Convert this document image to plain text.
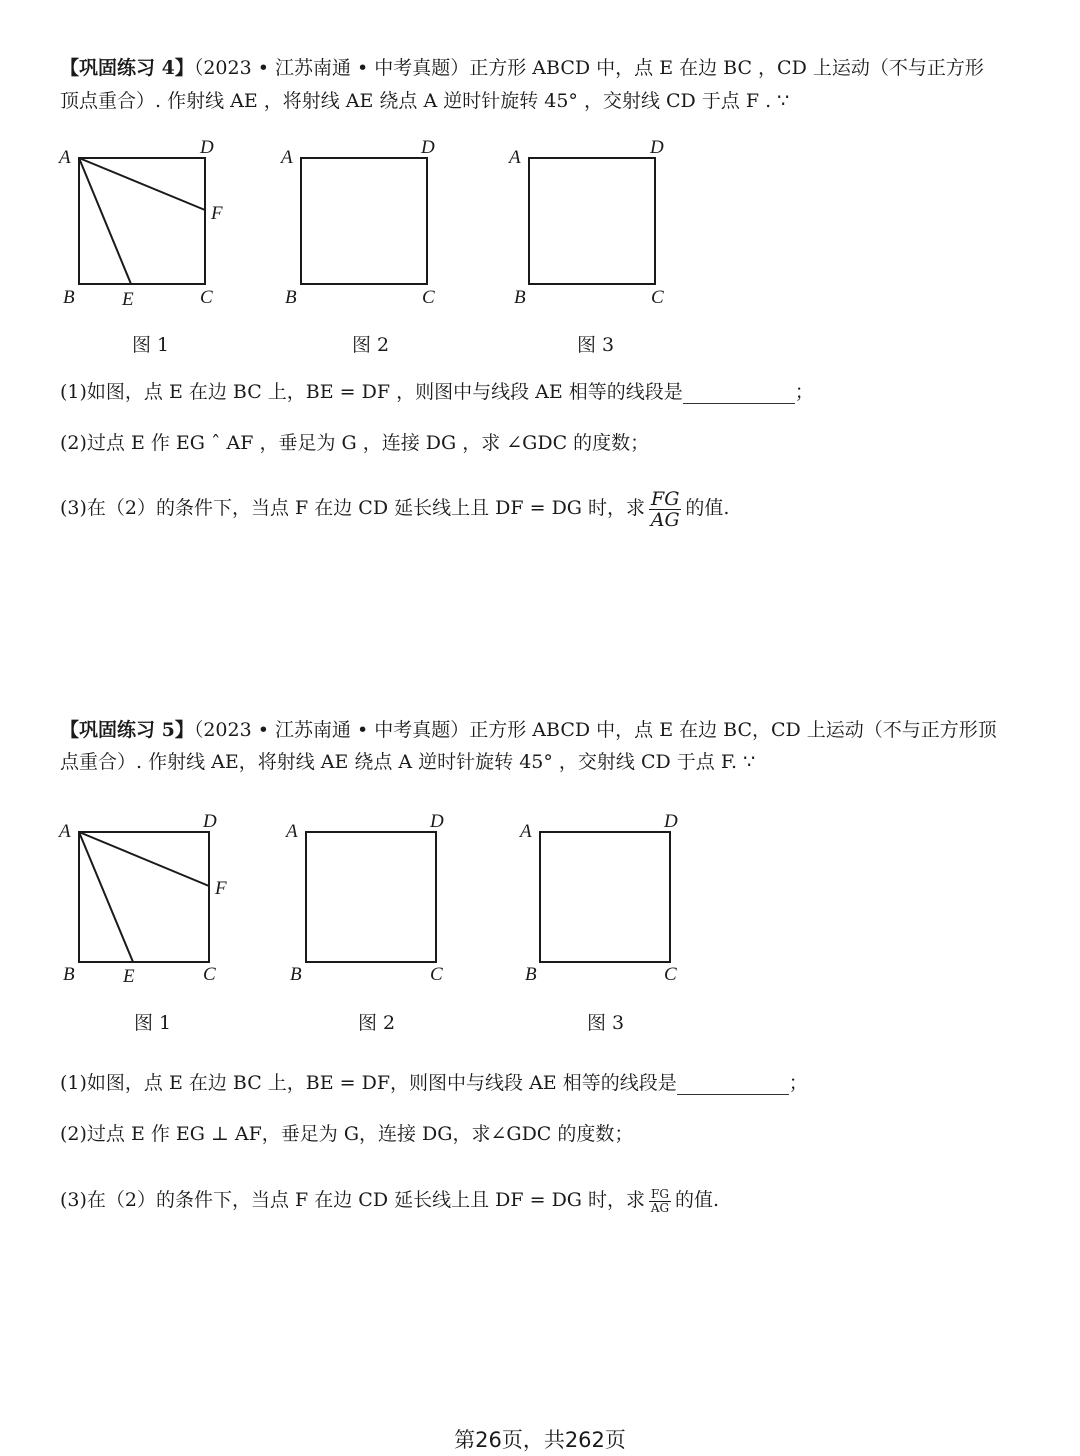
【巩固练习 4】（2023 • 江苏南通 • 中考真题）正方形 ABCD 中，点 E 在边 BC ，CD 上运动（不与正方形
顶点重合）. 作射线 AE ，将射线 AE 绕点 A 逆时针旋转 45° ，交射线 CD 于点 F . ∵
A	D
F
B E	C
A	D
B	C
A	D
B	C
图 1	图 2	图 3
(1)如图，点 E 在边 BC 上，BE = DF ，则图中与线段 AE 相等的线段是	；
(2)过点 E 作 EG ˆ AF ，垂足为 G ，连接 DG ，求 ∠GDC 的度数；
(3)在（2）的条件下，当点 F 在边 CD 延长线上且 DF = DG 时，求 $\frac{FG}{AG}$ 的值.
【巩固练习 5】（2023 • 江苏南通 • 中考真题）正方形 ABCD 中，点 E 在边 BC，CD 上运动（不与正方形顶
点重合）. 作射线 AE，将射线 AE 绕点 A 逆时针旋转 45° ，交射线 CD 于点 F. ∵
A	D
F
B	E	C
A	D
B	C
A	D
B	C
图 1	图 2	图 3
(1)如图，点 E 在边 BC 上，BE = DF，则图中与线段 AE 相等的线段是	；
(2)过点 E 作 EG ⊥ AF，垂足为 G，连接 DG，求∠GDC 的度数；
(3)在（2）的条件下，当点 F 在边 CD 延长线上且 DF = DG 时，求 $\frac{FG}{AG}$ 的值.
第26页，共262页
